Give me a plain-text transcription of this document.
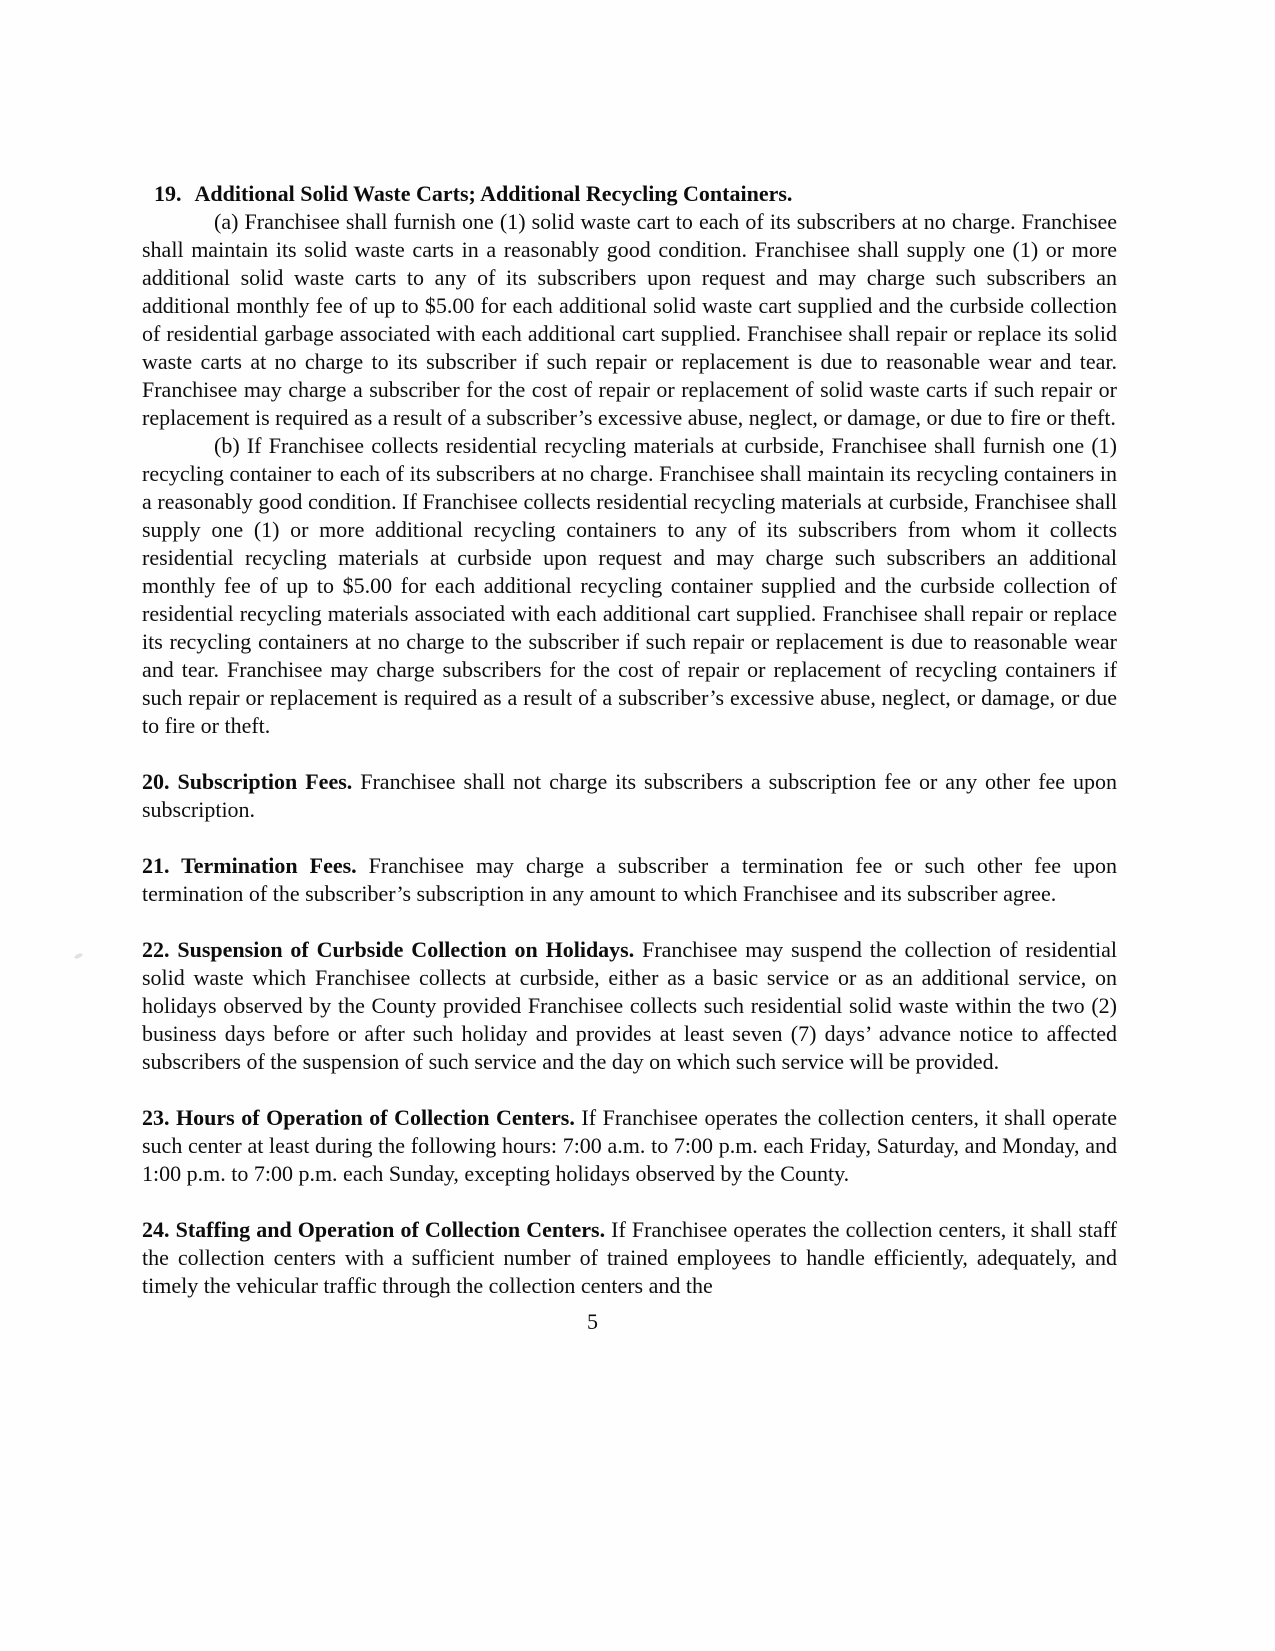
19. Additional Solid Waste Carts; Additional Recycling Containers.

(a) Franchisee shall furnish one (1) solid waste cart to each of its subscribers at no charge. Franchisee shall maintain its solid waste carts in a reasonably good condition. Franchisee shall supply one (1) or more additional solid waste carts to any of its subscribers upon request and may charge such subscribers an additional monthly fee of up to $5.00 for each additional solid waste cart supplied and the curbside collection of residential garbage associated with each additional cart supplied. Franchisee shall repair or replace its solid waste carts at no charge to its subscriber if such repair or replacement is due to reasonable wear and tear. Franchisee may charge a subscriber for the cost of repair or replacement of solid waste carts if such repair or replacement is required as a result of a subscriber’s excessive abuse, neglect, or damage, or due to fire or theft.

(b) If Franchisee collects residential recycling materials at curbside, Franchisee shall furnish one (1) recycling container to each of its subscribers at no charge. Franchisee shall maintain its recycling containers in a reasonably good condition. If Franchisee collects residential recycling materials at curbside, Franchisee shall supply one (1) or more additional recycling containers to any of its subscribers from whom it collects residential recycling materials at curbside upon request and may charge such subscribers an additional monthly fee of up to $5.00 for each additional recycling container supplied and the curbside collection of residential recycling materials associated with each additional cart supplied. Franchisee shall repair or replace its recycling containers at no charge to the subscriber if such repair or replacement is due to reasonable wear and tear. Franchisee may charge subscribers for the cost of repair or replacement of recycling containers if such repair or replacement is required as a result of a subscriber’s excessive abuse, neglect, or damage, or due to fire or theft.

20. Subscription Fees. Franchisee shall not charge its subscribers a subscription fee or any other fee upon subscription.

21. Termination Fees. Franchisee may charge a subscriber a termination fee or such other fee upon termination of the subscriber’s subscription in any amount to which Franchisee and its subscriber agree.

22. Suspension of Curbside Collection on Holidays. Franchisee may suspend the collection of residential solid waste which Franchisee collects at curbside, either as a basic service or as an additional service, on holidays observed by the County provided Franchisee collects such residential solid waste within the two (2) business days before or after such holiday and provides at least seven (7) days’ advance notice to affected subscribers of the suspension of such service and the day on which such service will be provided.

23. Hours of Operation of Collection Centers. If Franchisee operates the collection centers, it shall operate such center at least during the following hours: 7:00 a.m. to 7:00 p.m. each Friday, Saturday, and Monday, and 1:00 p.m. to 7:00 p.m. each Sunday, excepting holidays observed by the County.

24. Staffing and Operation of Collection Centers. If Franchisee operates the collection centers, it shall staff the collection centers with a sufficient number of trained employees to handle efficiently, adequately, and timely the vehicular traffic through the collection centers and the

5
